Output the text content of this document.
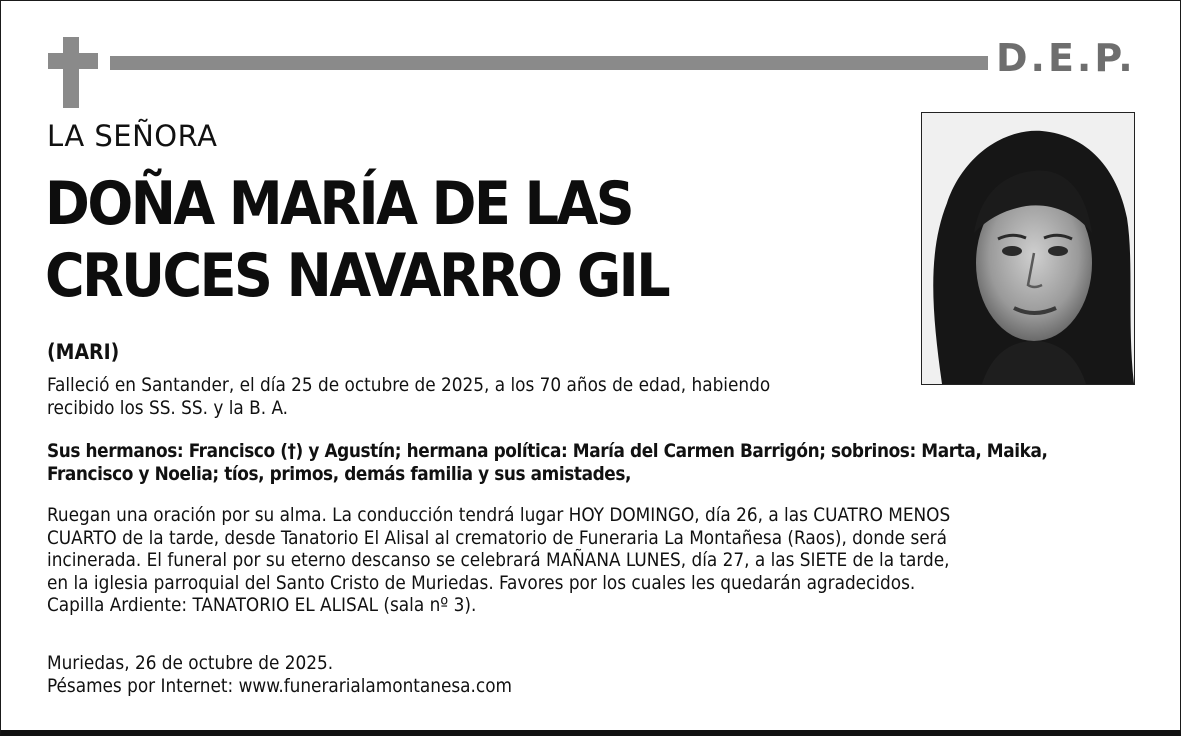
D.E.P.
LA SEÑORA
DOÑA MARÍA DE LAS
CRUCES NAVARRO GIL
(MARI)
Falleció en Santander, el día 25 de octubre de 2025, a los 70 años de edad, habiendo
recibido los SS. SS. y la B. A.
Sus hermanos: Francisco (†) y Agustín; hermana política: María del Carmen Barrigón; sobrinos: Marta, Maika,
Francisco y Noelia; tíos, primos, demás familia y sus amistades,
Ruegan una oración por su alma. La conducción tendrá lugar HOY DOMINGO, día 26, a las CUATRO MENOS
CUARTO de la tarde, desde Tanatorio El Alisal al crematorio de Funeraria La Montañesa (Raos), donde será
incinerada. El funeral por su eterno descanso se celebrará MAÑANA LUNES, día 27, a las SIETE de la tarde,
en la iglesia parroquial del Santo Cristo de Muriedas. Favores por los cuales les quedarán agradecidos.
Capilla Ardiente: TANATORIO EL ALISAL (sala nº 3).
Muriedas, 26 de octubre de 2025.
Pésames por Internet: www.funerarialamontanesa.com
